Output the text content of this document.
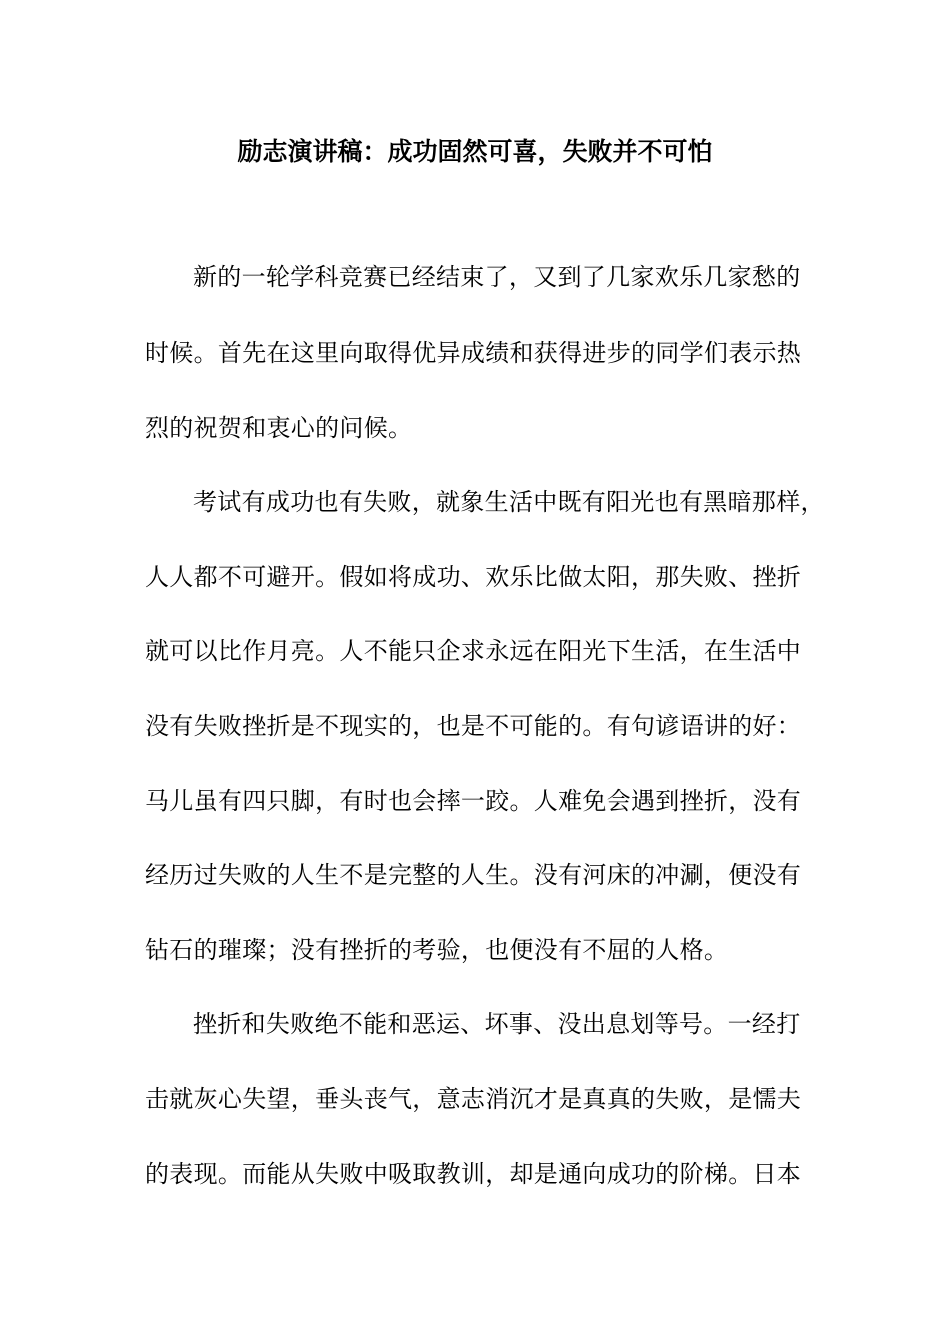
励志演讲稿：成功固然可喜，失败并不可怕

新的一轮学科竞赛已经结束了，又到了几家欢乐几家愁的

时候。首先在这里向取得优异成绩和获得进步的同学们表示热

烈的祝贺和衷心的问候。

考试有成功也有失败，就象生活中既有阳光也有黑暗那样，

人人都不可避开。假如将成功、欢乐比做太阳，那失败、挫折

就可以比作月亮。人不能只企求永远在阳光下生活，在生活中

没有失败挫折是不现实的，也是不可能的。有句谚语讲的好：

马儿虽有四只脚，有时也会摔一跤。人难免会遇到挫折，没有

经历过失败的人生不是完整的人生。没有河床的冲涮，便没有

钻石的璀璨；没有挫折的考验，也便没有不屈的人格。

挫折和失败绝不能和恶运、坏事、没出息划等号。一经打

击就灰心失望，垂头丧气，意志消沉才是真真的失败，是懦夫

的表现。而能从失败中吸取教训，却是通向成功的阶梯。日本
